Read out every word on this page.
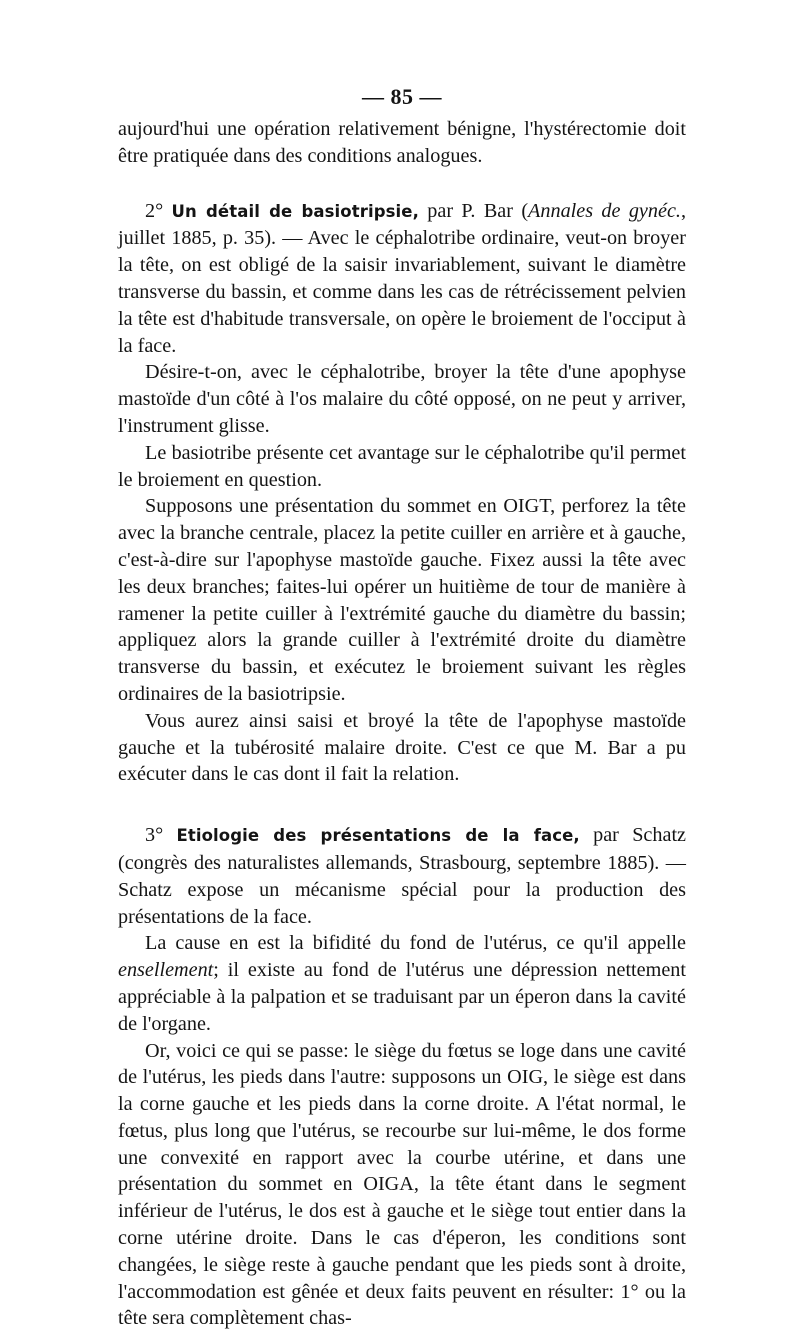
— 85 —

aujourd'hui une opération relativement bénigne, l'hystérectomie doit être pratiquée dans des conditions analogues.

2° Un détail de basiotripsie, par P. Bar (Annales de gynéc., juillet 1885, p. 35). — Avec le céphalotribe ordinaire, veut-on broyer la tête, on est obligé de la saisir invariablement, suivant le diamètre transverse du bassin, et comme dans les cas de rétrécissement pelvien la tête est d'habitude transversale, on opère le broiement de l'occiput à la face.

Désire-t-on, avec le céphalotribe, broyer la tête d'une apophyse mastoïde d'un côté à l'os malaire du côté opposé, on ne peut y arriver, l'instrument glisse.

Le basiotribe présente cet avantage sur le céphalotribe qu'il permet le broiement en question.

Supposons une présentation du sommet en OIGT, perforez la tête avec la branche centrale, placez la petite cuiller en arrière et à gauche, c'est-à-dire sur l'apophyse mastoïde gauche. Fixez aussi la tête avec les deux branches; faites-lui opérer un huitième de tour de manière à ramener la petite cuiller à l'extrémité gauche du diamètre du bassin; appliquez alors la grande cuiller à l'extrémité droite du diamètre transverse du bassin, et exécutez le broiement suivant les règles ordinaires de la basiotripsie.

Vous aurez ainsi saisi et broyé la tête de l'apophyse mastoïde gauche et la tubérosité malaire droite. C'est ce que M. Bar a pu exécuter dans le cas dont il fait la relation.

3° Etiologie des présentations de la face, par Schatz (congrès des naturalistes allemands, Strasbourg, septembre 1885). — Schatz expose un mécanisme spécial pour la production des présentations de la face.

La cause en est la bifidité du fond de l'utérus, ce qu'il appelle ensellement; il existe au fond de l'utérus une dépression nettement appréciable à la palpation et se traduisant par un éperon dans la cavité de l'organe.

Or, voici ce qui se passe: le siège du fœtus se loge dans une cavité de l'utérus, les pieds dans l'autre: supposons un OIG, le siège est dans la corne gauche et les pieds dans la corne droite. A l'état normal, le fœtus, plus long que l'utérus, se recourbe sur lui-même, le dos forme une convexité en rapport avec la courbe utérine, et dans une présentation du sommet en OIGA, la tête étant dans le segment inférieur de l'utérus, le dos est à gauche et le siège tout entier dans la corne utérine droite. Dans le cas d'éperon, les conditions sont changées, le siège reste à gauche pendant que les pieds sont à droite, l'accommodation est gênée et deux faits peuvent en résulter: 1° ou la tête sera complètement chas-
